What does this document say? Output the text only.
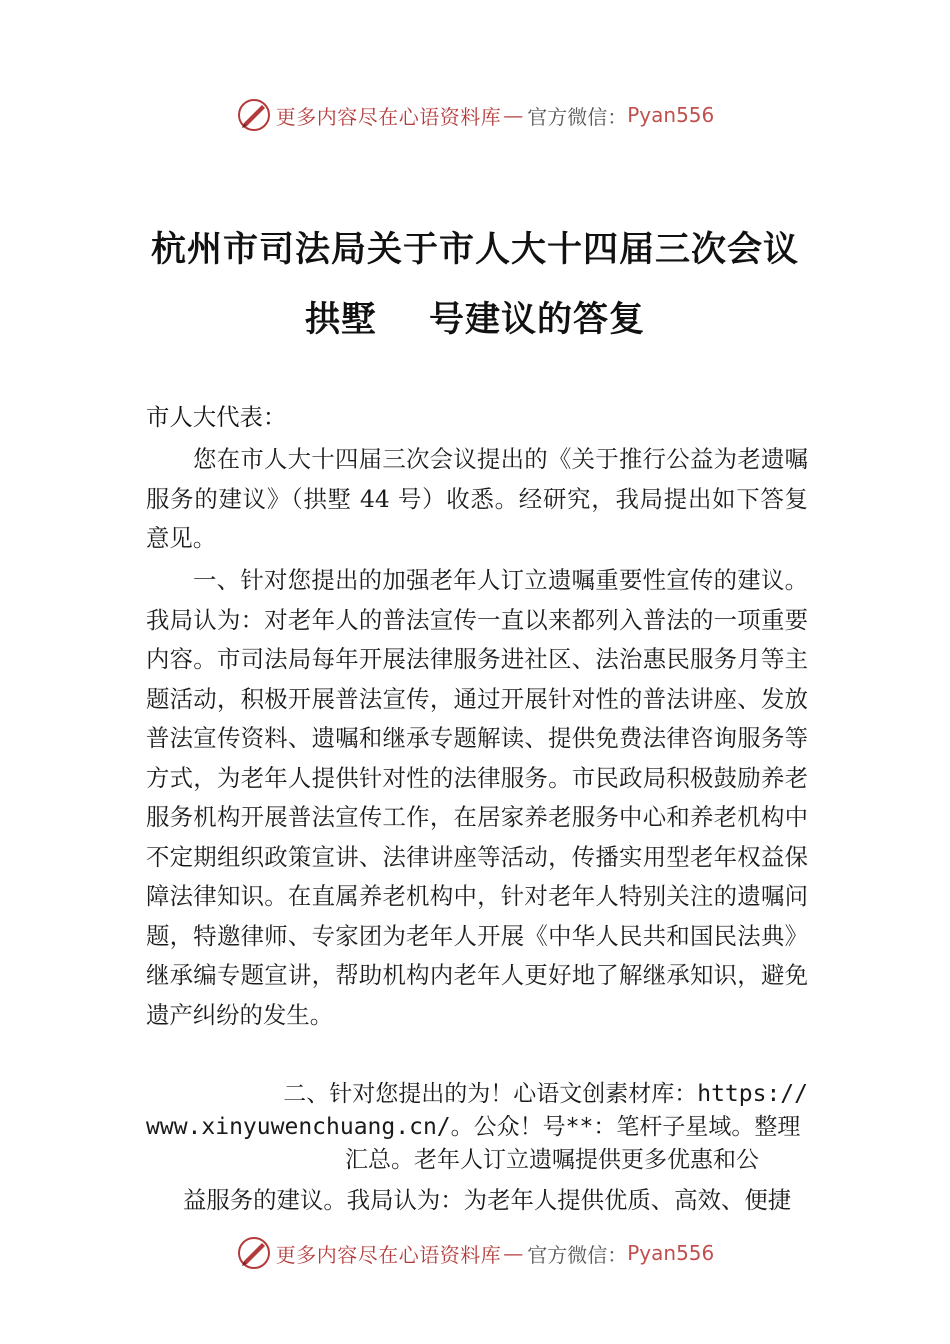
更多内容尽在心语资料库 — 官方微信： Pyan556
杭州市司法局关于市人大十四届三次会议
拱墅 号建议的答复
市人大代表：

您在市人大十四届三次会议提出的《关于推行公益为老遗嘱服务的建议》（拱墅 44 号）收悉。经研究，我局提出如下答复意见。

一、针对您提出的加强老年人订立遗嘱重要性宣传的建议。我局认为：对老年人的普法宣传一直以来都列入普法的一项重要内容。市司法局每年开展法律服务进社区、法治惠民服务月等主题活动，积极开展普法宣传，通过开展针对性的普法讲座、发放普法宣传资料、遗嘱和继承专题解读、提供免费法律咨询服务等方式，为老年人提供针对性的法律服务。市民政局积极鼓励养老服务机构开展普法宣传工作，在居家养老服务中心和养老机构中不定期组织政策宣讲、法律讲座等活动，传播实用型老年权益保障法律知识。在直属养老机构中，针对老年人特别关注的遗嘱问题，特邀律师、专家团为老年人开展《中华人民共和国民法典》继承编专题宣讲，帮助机构内老年人更好地了解继承知识，避免遗产纠纷的发生。

二、针对您提出的为！心语文创素材库：https://
www.xinyuwenchuang.cn/。公众！号**：笔杆子星域。整理
汇总。老年人订立遗嘱提供更多优惠和公
益服务的建议。我局认为：为老年人提供优质、高效、便捷
更多内容尽在心语资料库 — 官方微信： Pyan556
